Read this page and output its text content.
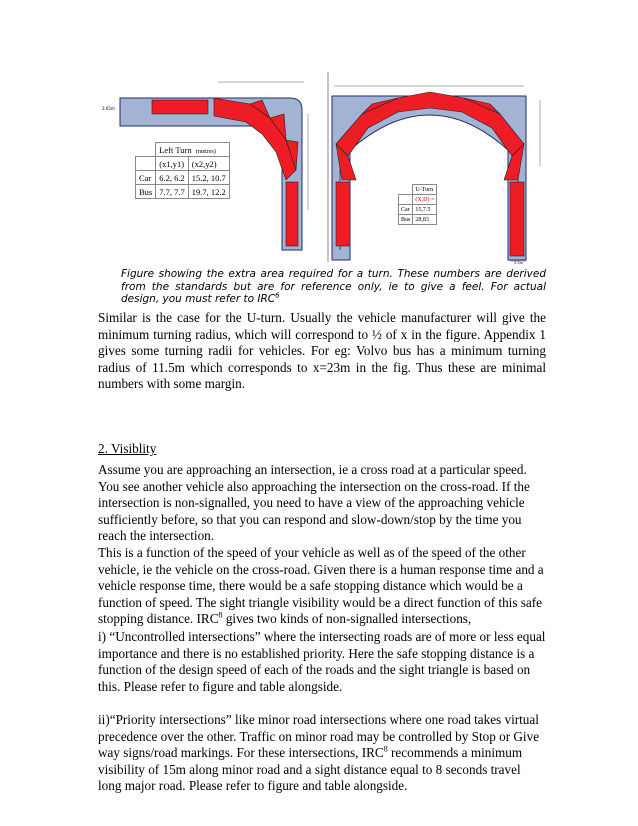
3.65m
3.5m
	Left Turn (metres)	
	(x1,y1)	(x2,y2)
Car	6.2, 6.2	15.2, 10.7
Bus	7.7, 7.7	19.7, 12.2
		U-Turn
	(X,D) =
Car	15,7.5
Bus	28,83
Figure showing the extra area required for a turn. These numbers are derived from the standards but are for reference only, ie to give a feel. For actual design, you must refer to IRC$^6$

Similar is the case for the U-turn. Usually the vehicle manufacturer will give the minimum turning radius, which will correspond to ½ of x in the figure. Appendix 1 gives some turning radii for vehicles. For eg: Volvo bus has a minimum turning radius of 11.5m which corresponds to x=23m in the fig. Thus these are minimal numbers with some margin.

2. Visiblity

Assume you are approaching an intersection, ie a cross road at a particular speed. You see another vehicle also approaching the intersection on the cross-road. If the intersection is non-signalled, you need to have a view of the approaching vehicle sufficiently before, so that you can respond and slow-down/stop by the time you reach the intersection.

This is a function of the speed of your vehicle as well as of the speed of the other vehicle, ie the vehicle on the cross-road. Given there is a human response time and a vehicle response time, there would be a safe stopping distance which would be a function of speed. The sight triangle visibility would be a direct function of this safe stopping distance. IRC$^8$ gives two kinds of non-signalled intersections,

i) “Uncontrolled intersections” where the intersecting roads are of more or less equal importance and there is no established priority. Here the safe stopping distance is a function of the design speed of each of the roads and the sight triangle is based on this. Please refer to figure and table alongside.

ii)“Priority intersections” like minor road intersections where one road takes virtual precedence over the other. Traffic on minor road may be controlled by Stop or Give way signs/road markings. For these intersections, IRC$^8$ recommends a minimum visibility of 15m along minor road and a sight distance equal to 8 seconds travel long major road. Please refer to figure and table alongside.
